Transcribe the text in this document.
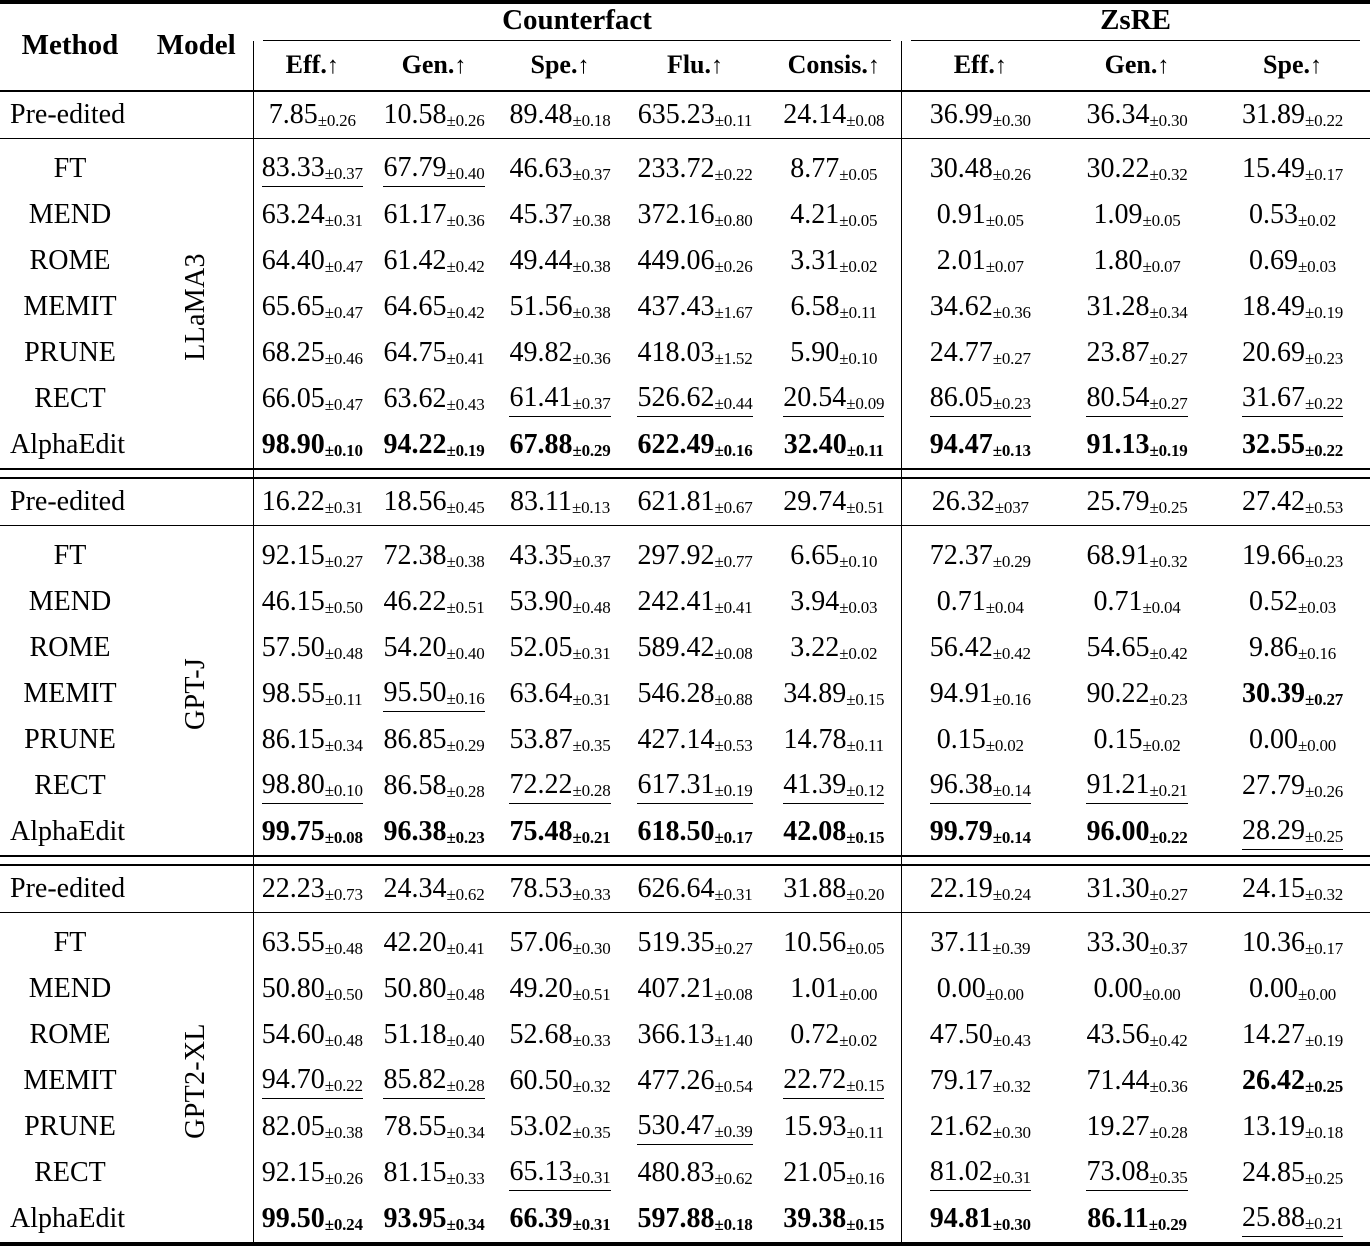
Method	Model	Counterfact					ZsRE		

		Eff.↑	Gen.↑	Spe.↑	Flu.↑	Consis.↑	Eff.↑	Gen.↑	Spe.↑

Pre-edited		7.85±0.26	10.58±0.26	89.48±0.18	635.23±0.11	24.14±0.08	36.99±0.30	36.34±0.30	31.89±0.22

FT	LLaMA3	83.33±0.37	67.79±0.40	46.63±0.37	233.72±0.22	8.77±0.05	30.48±0.26	30.22±0.32	15.49±0.17
MEND		63.24±0.31	61.17±0.36	45.37±0.38	372.16±0.80	4.21±0.05	0.91±0.05	1.09±0.05	0.53±0.02
ROME		64.40±0.47	61.42±0.42	49.44±0.38	449.06±0.26	3.31±0.02	2.01±0.07	1.80±0.07	0.69±0.03
MEMIT		65.65±0.47	64.65±0.42	51.56±0.38	437.43±1.67	6.58±0.11	34.62±0.36	31.28±0.34	18.49±0.19
PRUNE		68.25±0.46	64.75±0.41	49.82±0.36	418.03±1.52	5.90±0.10	24.77±0.27	23.87±0.27	20.69±0.23
RECT		66.05±0.47	63.62±0.43	61.41±0.37	526.62±0.44	20.54±0.09	86.05±0.23	80.54±0.27	31.67±0.22
AlphaEdit		98.90±0.10	94.22±0.19	67.88±0.29	622.49±0.16	32.40±0.11	94.47±0.13	91.13±0.19	32.55±0.22

Pre-edited		16.22±0.31	18.56±0.45	83.11±0.13	621.81±0.67	29.74±0.51	26.32±037	25.79±0.25	27.42±0.53

FT	GPT-J	92.15±0.27	72.38±0.38	43.35±0.37	297.92±0.77	6.65±0.10	72.37±0.29	68.91±0.32	19.66±0.23
MEND		46.15±0.50	46.22±0.51	53.90±0.48	242.41±0.41	3.94±0.03	0.71±0.04	0.71±0.04	0.52±0.03
ROME		57.50±0.48	54.20±0.40	52.05±0.31	589.42±0.08	3.22±0.02	56.42±0.42	54.65±0.42	9.86±0.16
MEMIT		98.55±0.11	95.50±0.16	63.64±0.31	546.28±0.88	34.89±0.15	94.91±0.16	90.22±0.23	30.39±0.27
PRUNE		86.15±0.34	86.85±0.29	53.87±0.35	427.14±0.53	14.78±0.11	0.15±0.02	0.15±0.02	0.00±0.00
RECT		98.80±0.10	86.58±0.28	72.22±0.28	617.31±0.19	41.39±0.12	96.38±0.14	91.21±0.21	27.79±0.26
AlphaEdit		99.75±0.08	96.38±0.23	75.48±0.21	618.50±0.17	42.08±0.15	99.79±0.14	96.00±0.22	28.29±0.25

Pre-edited		22.23±0.73	24.34±0.62	78.53±0.33	626.64±0.31	31.88±0.20	22.19±0.24	31.30±0.27	24.15±0.32

FT	GPT2-XL	63.55±0.48	42.20±0.41	57.06±0.30	519.35±0.27	10.56±0.05	37.11±0.39	33.30±0.37	10.36±0.17
MEND		50.80±0.50	50.80±0.48	49.20±0.51	407.21±0.08	1.01±0.00	0.00±0.00	0.00±0.00	0.00±0.00
ROME		54.60±0.48	51.18±0.40	52.68±0.33	366.13±1.40	0.72±0.02	47.50±0.43	43.56±0.42	14.27±0.19
MEMIT		94.70±0.22	85.82±0.28	60.50±0.32	477.26±0.54	22.72±0.15	79.17±0.32	71.44±0.36	26.42±0.25
PRUNE		82.05±0.38	78.55±0.34	53.02±0.35	530.47±0.39	15.93±0.11	21.62±0.30	19.27±0.28	13.19±0.18
RECT		92.15±0.26	81.15±0.33	65.13±0.31	480.83±0.62	21.05±0.16	81.02±0.31	73.08±0.35	24.85±0.25
AlphaEdit		99.50±0.24	93.95±0.34	66.39±0.31	597.88±0.18	39.38±0.15	94.81±0.30	86.11±0.29	25.88±0.21
